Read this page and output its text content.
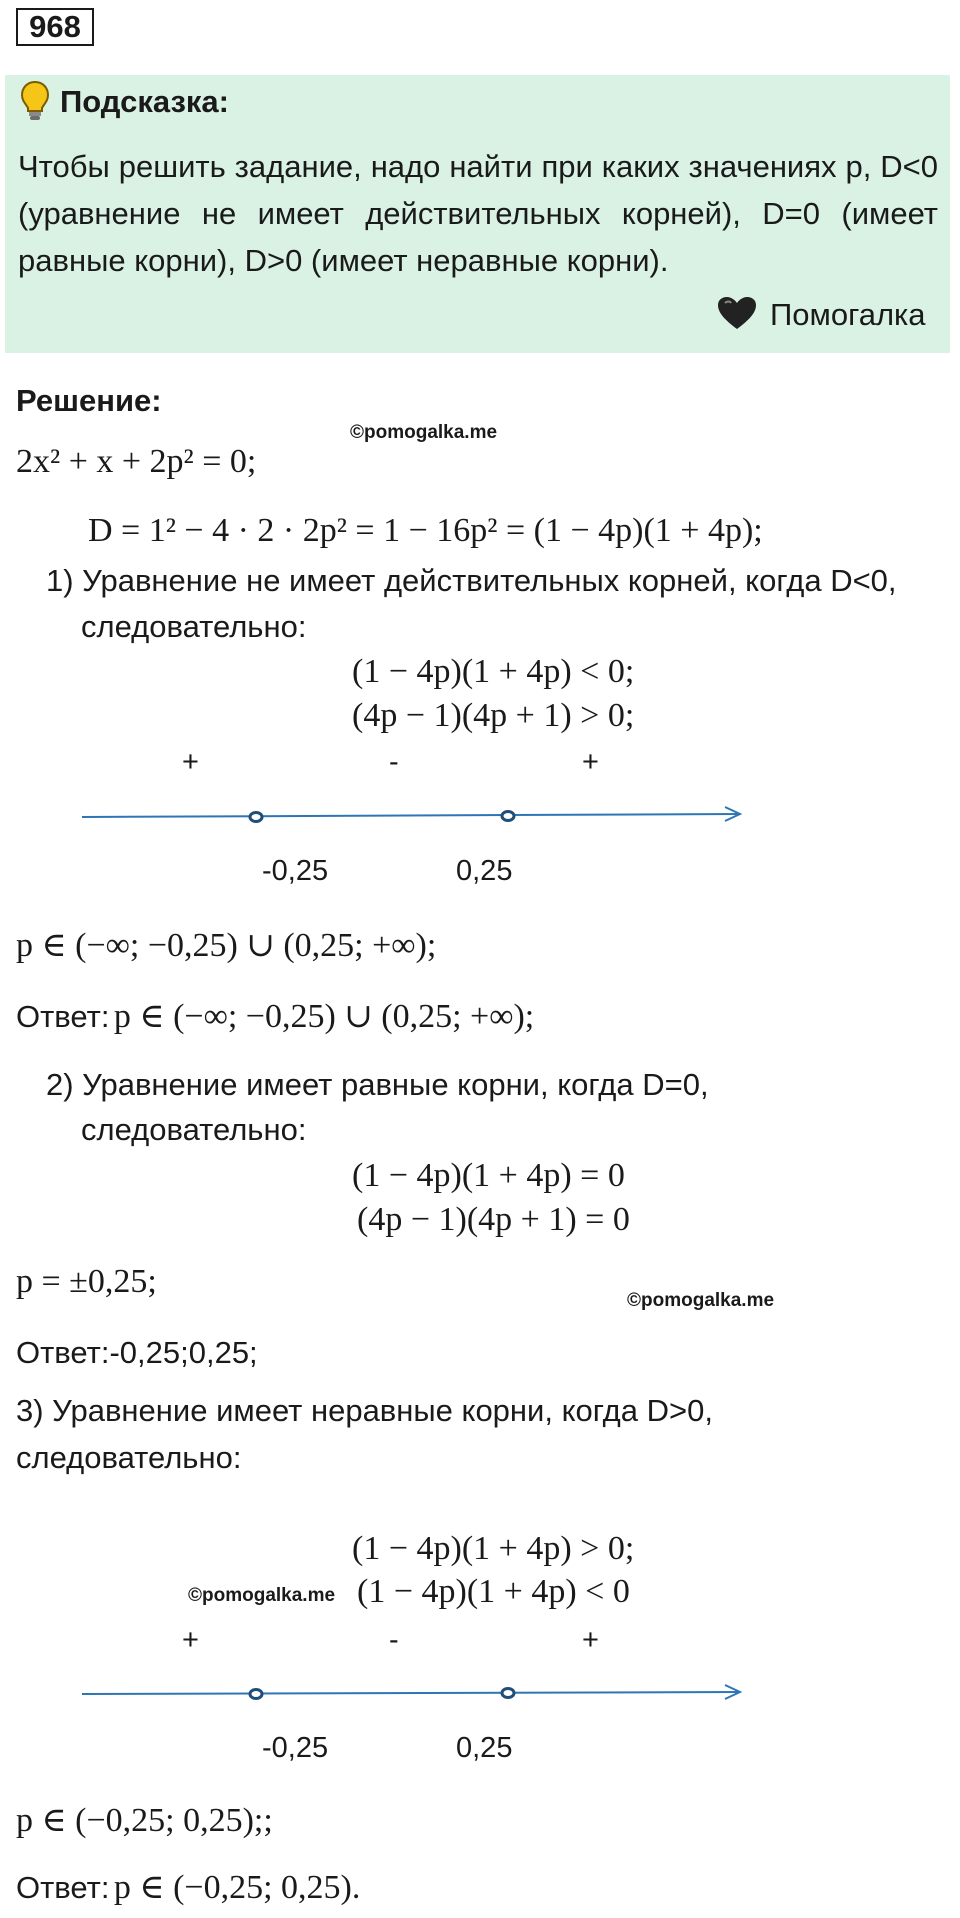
968
Подсказка:
Чтобы решить задание, надо найти при каких значениях p, D<0 (уравнение не имеет действительных корней), D=0 (имеет равные корни), D>0 (имеет неравные корни).
Помогалка
Решение:
©pomogalka.me
2x² + x + 2p² = 0;
D = 1² − 4 · 2 · 2p² = 1 − 16p² = (1 − 4p)(1 + 4p);
1) Уравнение не имеет действительных корней, когда D<0,
следовательно:
(1 − 4p)(1 + 4p) < 0;
(4p − 1)(4p + 1) > 0;
+	-	+
-0,25	0,25
p ∈ (−∞; −0,25) ∪ (0,25; +∞);
Ответ: p ∈ (−∞; −0,25) ∪ (0,25; +∞);
2) Уравнение имеет равные корни, когда D=0,
следовательно:
(1 − 4p)(1 + 4p) = 0
(4p − 1)(4p + 1) = 0
p = ±0,25;
©pomogalka.me
Ответ:-0,25;0,25;
3) Уравнение имеет неравные корни, когда D>0,
следовательно:
(1 − 4p)(1 + 4p) > 0;
©pomogalka.me (1 − 4p)(1 + 4p) < 0
+	-	+
-0,25	0,25
p ∈ (−0,25; 0,25);;
Ответ: p ∈ (−0,25; 0,25).
